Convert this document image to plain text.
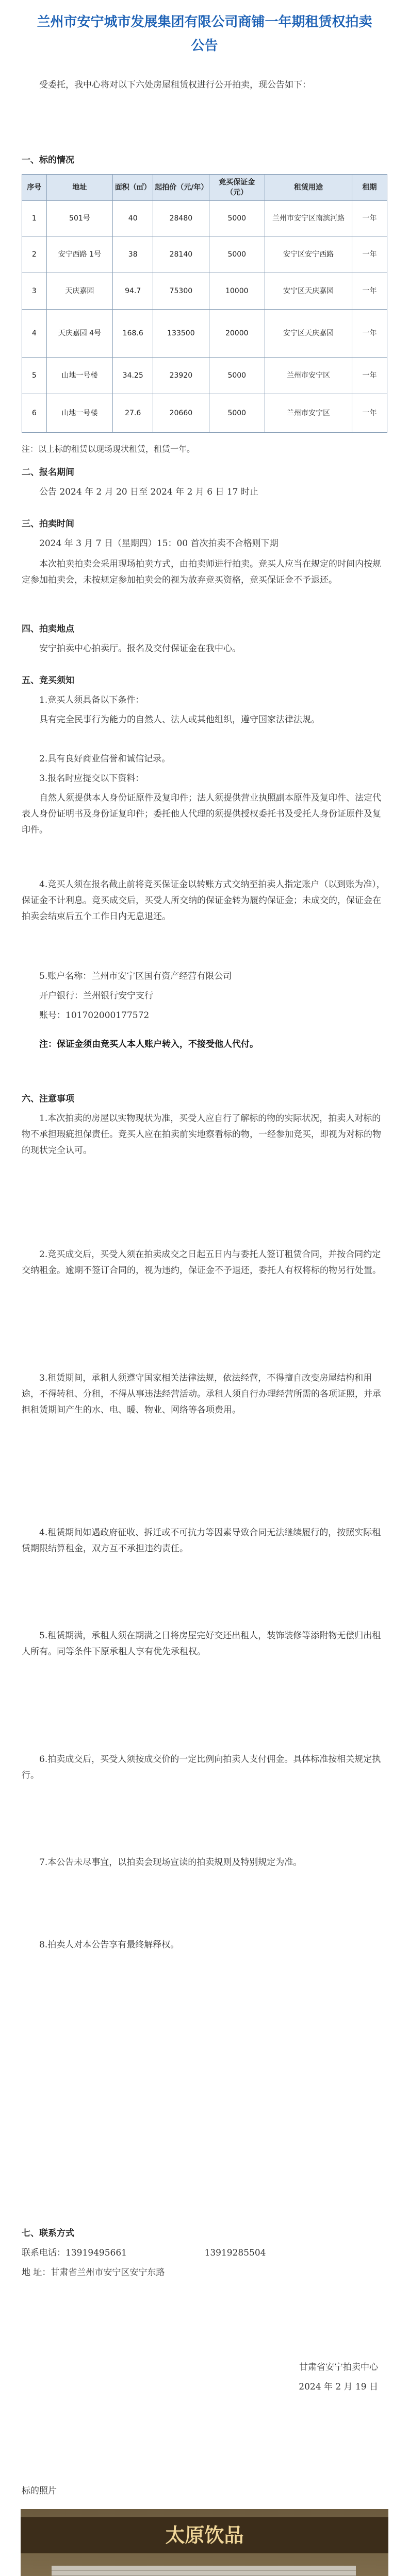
兰州市安宁城市发展集团有限公司商铺一年期租赁权拍卖公告

受委托，我中心将对以下六处房屋租赁权进行公开拍卖，现公告如下：

一、标的情况

序号	地址	面积（㎡）	起拍价（元/年）	竞买保证金（元）	租赁用途	租期
1	501号	40	28480	5000	兰州市安宁区南滨河路	一年
2	安宁西路 1号	38	28140	5000	安宁区安宁西路	一年
3	天庆嘉园	94.7	75300	10000	安宁区天庆嘉园	一年
4	天庆嘉园 4号	168.6	133500	20000	安宁区天庆嘉园	一年
5	山地一号楼	34.25	23920	5000	兰州市安宁区	一年
6	山地一号楼	27.6	20660	5000	兰州市安宁区	一年

注：以上标的租赁以现场现状租赁，租赁一年。

二、报名期间

公告 2024 年 2 月 20 日至 2024 年 2 月 6 日 17 时止

三、拍卖时间

2024 年 3 月 7 日（星期四）15：00 首次拍卖不合格则下期

本次拍卖拍卖会采用现场拍卖方式，由拍卖师进行拍卖。竞买人应当在规定的时间内按规定参加拍卖会，未按规定参加拍卖会的视为放弃竞买资格，竞买保证金不予退还。

四、拍卖地点

安宁拍卖中心拍卖厅。报名及交付保证金在我中心。

五、竞买须知

1.竞买人须具备以下条件：

具有完全民事行为能力的自然人、法人或其他组织，遵守国家法律法规。

2.具有良好商业信誉和诚信记录。

3.报名时应提交以下资料：

自然人须提供本人身份证原件及复印件；法人须提供营业执照副本原件及复印件、法定代表人身份证明书及身份证复印件；委托他人代理的须提供授权委托书及受托人身份证原件及复印件。

4.竞买人须在报名截止前将竞买保证金以转账方式交纳至拍卖人指定账户（以到账为准），保证金不计利息。竞买成交后，买受人所交纳的保证金转为履约保证金；未成交的，保证金在拍卖会结束后五个工作日内无息退还。

5.账户名称：兰州市安宁区国有资产经营有限公司

开户银行：兰州银行安宁支行

账号：101702000177572

注：保证金须由竞买人本人账户转入，不接受他人代付。

六、注意事项

1.本次拍卖的房屋以实物现状为准，买受人应自行了解标的物的实际状况，拍卖人对标的物不承担瑕疵担保责任。竞买人应在拍卖前实地察看标的物，一经参加竞买，即视为对标的物的现状完全认可。

2.竞买成交后，买受人须在拍卖成交之日起五日内与委托人签订租赁合同，并按合同约定交纳租金。逾期不签订合同的，视为违约，保证金不予退还，委托人有权将标的物另行处置。

3.租赁期间，承租人须遵守国家相关法律法规，依法经营，不得擅自改变房屋结构和用途，不得转租、分租，不得从事违法经营活动。承租人须自行办理经营所需的各项证照，并承担租赁期间产生的水、电、暖、物业、网络等各项费用。

4.租赁期间如遇政府征收、拆迁或不可抗力等因素导致合同无法继续履行的，按照实际租赁期限结算租金，双方互不承担违约责任。

5.租赁期满，承租人须在期满之日将房屋完好交还出租人，装饰装修等添附物无偿归出租人所有。同等条件下原承租人享有优先承租权。

6.拍卖成交后，买受人须按成交价的一定比例向拍卖人支付佣金。具体标准按相关规定执行。

7.本公告未尽事宜，以拍卖会现场宣读的拍卖规则及特别规定为准。

8.拍卖人对本公告享有最终解释权。

七、联系方式

联系电话：13919495661	13919285504

地 址：甘肃省兰州市安宁区安宁东路

甘肃省安宁拍卖中心

2024 年 2 月 19 日

标的照片
太原饮品
